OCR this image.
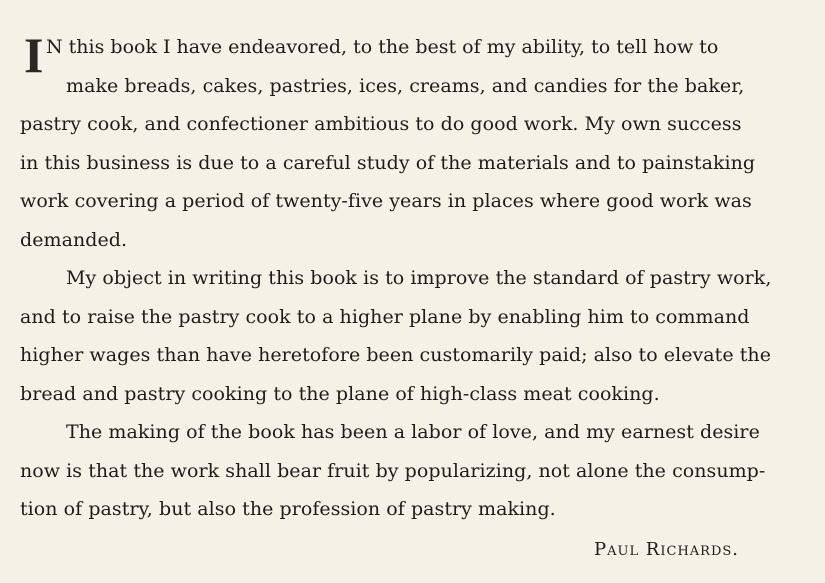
I N this book I have endeavored, to the best of my ability, to tell how to
make breads, cakes, pastries, ices, creams, and candies for the baker,
pastry cook, and confectioner ambitious to do good work. My own success
in this business is due to a careful study of the materials and to painstaking
work covering a period of twenty-five years in places where good work was
demanded.
My object in writing this book is to improve the standard of pastry work,
and to raise the pastry cook to a higher plane by enabling him to command
higher wages than have heretofore been customarily paid; also to elevate the
bread and pastry cooking to the plane of high-class meat cooking.
The making of the book has been a labor of love, and my earnest desire
now is that the work shall bear fruit by popularizing, not alone the consump-
tion of pastry, but also the profession of pastry making.
Paul Richards.
